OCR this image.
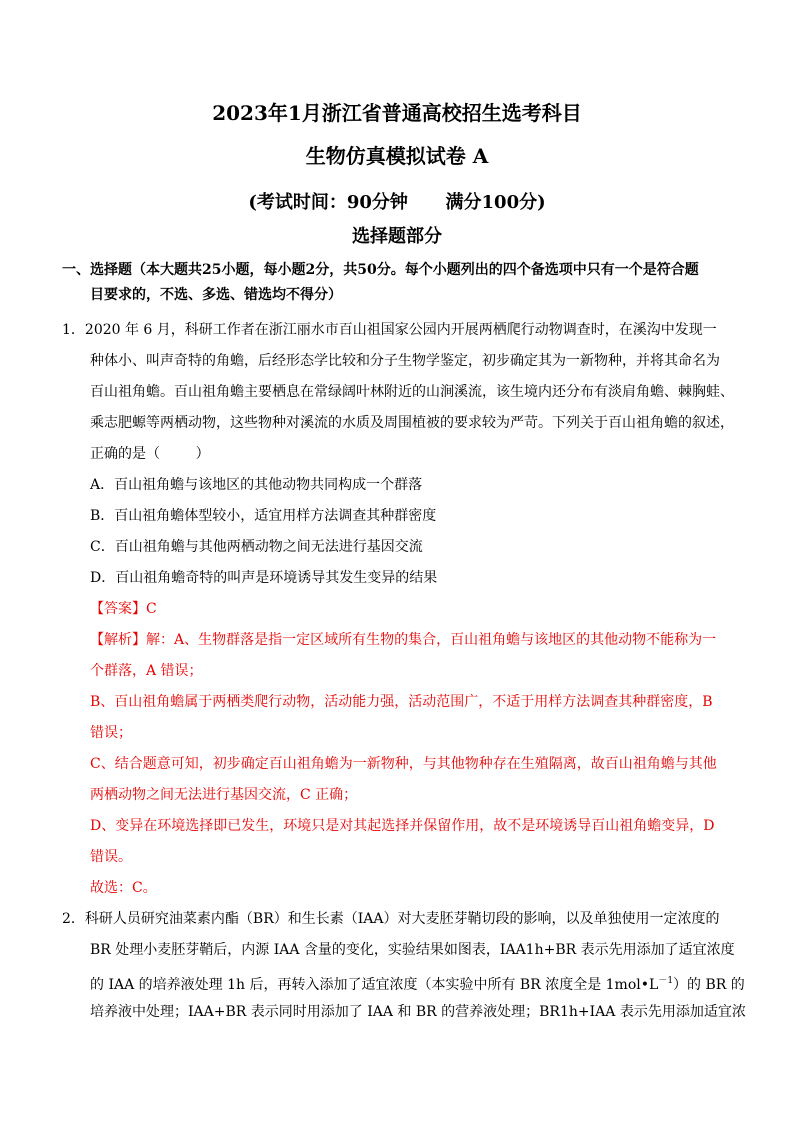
2023年1月浙江省普通高校招生选考科目
生物仿真模拟试卷 A
(考试时间：90分钟      满分100分)
选择题部分
一、选择题（本大题共25小题，每小题2分，共50分。每个小题列出的四个备选项中只有一个是符合题
目要求的，不选、多选、错选均不得分）
1．2020 年 6 月，科研工作者在浙江丽水市百山祖国家公园内开展两栖爬行动物调查时，在溪沟中发现一
种体小、叫声奇特的角蟾，后经形态学比较和分子生物学鉴定，初步确定其为一新物种，并将其命名为
百山祖角蟾。百山祖角蟾主要栖息在常绿阔叶林附近的山涧溪流，该生境内还分布有淡肩角蟾、棘胸蛙、
乘志肥螈等两栖动物，这些物种对溪流的水质及周围植被的要求较为严苛。下列关于百山祖角蟾的叙述，
正确的是（        ）
A．百山祖角蟾与该地区的其他动物共同构成一个群落
B．百山祖角蟾体型较小，适宜用样方法调查其种群密度
C．百山祖角蟾与其他两栖动物之间无法进行基因交流
D．百山祖角蟾奇特的叫声是环境诱导其发生变异的结果
【答案】C
【解析】解：A、生物群落是指一定区域所有生物的集合，百山祖角蟾与该地区的其他动物不能称为一
个群落，A 错误；
B、百山祖角蟾属于两栖类爬行动物，活动能力强，活动范围广，不适于用样方法调查其种群密度，B
错误；
C、结合题意可知，初步确定百山祖角蟾为一新物种，与其他物种存在生殖隔离，故百山祖角蟾与其他
两栖动物之间无法进行基因交流，C 正确；
D、变异在环境选择即已发生，环境只是对其起选择并保留作用，故不是环境诱导百山祖角蟾变异，D
错误。
故选：C。
2．科研人员研究油菜素内酯（BR）和生长素（IAA）对大麦胚芽鞘切段的影响，以及单独使用一定浓度的
BR 处理小麦胚芽鞘后，内源 IAA 含量的变化，实验结果如图表，IAA1h+BR 表示先用添加了适宜浓度
的 IAA 的培养液处理 1h 后，再转入添加了适宜浓度（本实验中所有 BR 浓度全是 $1mol•L^{-1}$）的 BR 的
培养液中处理；IAA+BR 表示同时用添加了 IAA 和 BR 的营养液处理；BR1h+IAA 表示先用添加适宜浓
